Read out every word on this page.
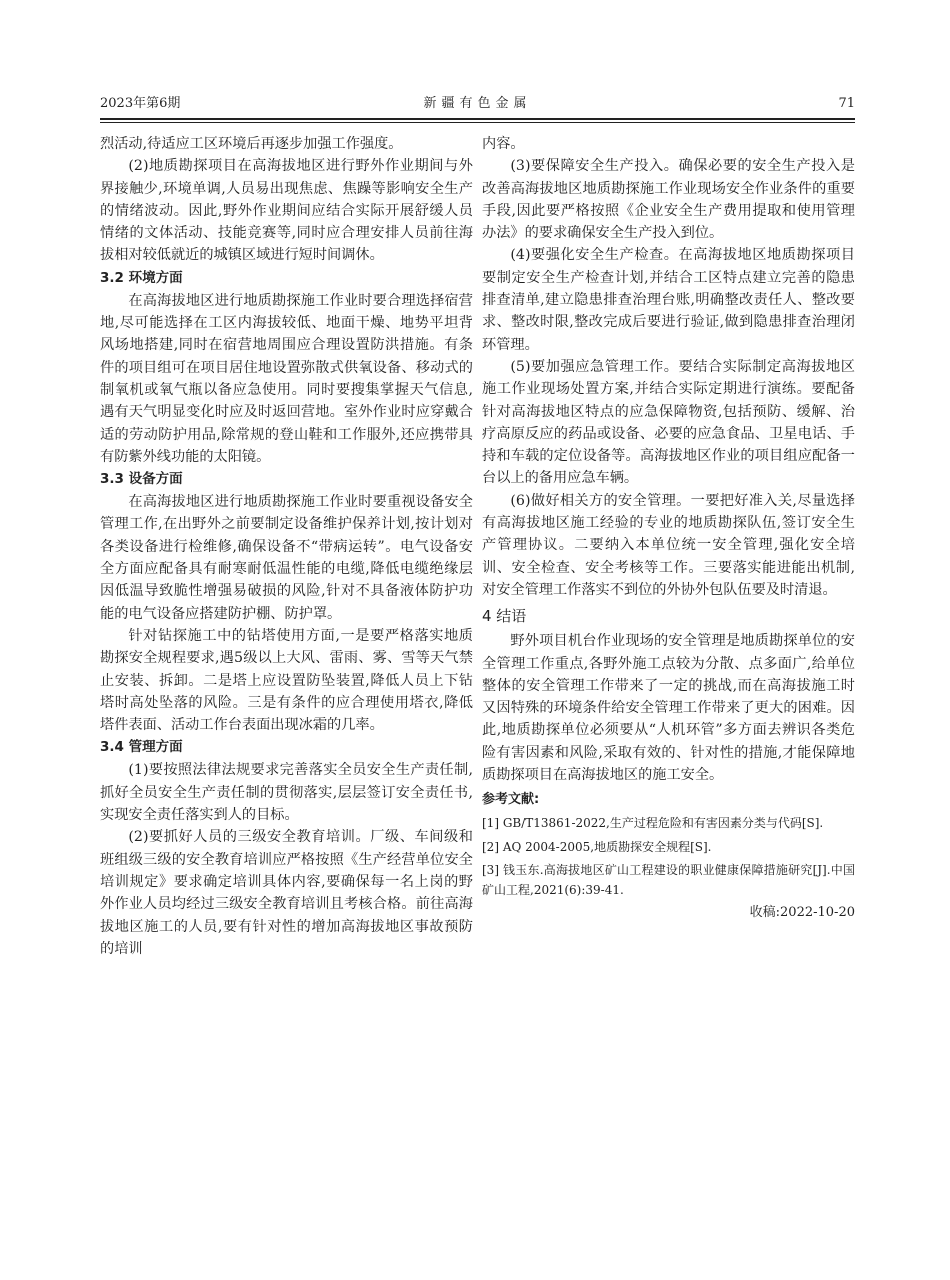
2023年第6期	新疆有色金属	71

烈活动,待适应工区环境后再逐步加强工作强度。

(2)地质勘探项目在高海拔地区进行野外作业期间与外界接触少,环境单调,人员易出现焦虑、焦躁等影响安全生产的情绪波动。因此,野外作业期间应结合实际开展舒缓人员情绪的文体活动、技能竞赛等,同时应合理安排人员前往海拔相对较低就近的城镇区域进行短时间调休。

3.2 环境方面

在高海拔地区进行地质勘探施工作业时要合理选择宿营地,尽可能选择在工区内海拔较低、地面干燥、地势平坦背风场地搭建,同时在宿营地周围应合理设置防洪措施。有条件的项目组可在项目居住地设置弥散式供氧设备、移动式的制氧机或氧气瓶以备应急使用。同时要搜集掌握天气信息,遇有天气明显变化时应及时返回营地。室外作业时应穿戴合适的劳动防护用品,除常规的登山鞋和工作服外,还应携带具有防紫外线功能的太阳镜。

3.3 设备方面

在高海拔地区进行地质勘探施工作业时要重视设备安全管理工作,在出野外之前要制定设备维护保养计划,按计划对各类设备进行检维修,确保设备不“带病运转”。电气设备安全方面应配备具有耐寒耐低温性能的电缆,降低电缆绝缘层因低温导致脆性增强易破损的风险,针对不具备液体防护功能的电气设备应搭建防护棚、防护罩。

针对钻探施工中的钻塔使用方面,一是要严格落实地质勘探安全规程要求,遇5级以上大风、雷雨、雾、雪等天气禁止安装、拆卸。二是塔上应设置防坠装置,降低人员上下钻塔时高处坠落的风险。三是有条件的应合理使用塔衣,降低塔件表面、活动工作台表面出现冰霜的几率。

3.4 管理方面

(1)要按照法律法规要求完善落实全员安全生产责任制,抓好全员安全生产责任制的贯彻落实,层层签订安全责任书,实现安全责任落实到人的目标。

(2)要抓好人员的三级安全教育培训。厂级、车间级和班组级三级的安全教育培训应严格按照《生产经营单位安全培训规定》要求确定培训具体内容,要确保每一名上岗的野外作业人员均经过三级安全教育培训且考核合格。前往高海拔地区施工的人员,要有针对性的增加高海拔地区事故预防的培训

内容。

(3)要保障安全生产投入。确保必要的安全生产投入是改善高海拔地区地质勘探施工作业现场安全作业条件的重要手段,因此要严格按照《企业安全生产费用提取和使用管理办法》的要求确保安全生产投入到位。

(4)要强化安全生产检查。在高海拔地区地质勘探项目要制定安全生产检查计划,并结合工区特点建立完善的隐患排查清单,建立隐患排查治理台账,明确整改责任人、整改要求、整改时限,整改完成后要进行验证,做到隐患排查治理闭环管理。

(5)要加强应急管理工作。要结合实际制定高海拔地区施工作业现场处置方案,并结合实际定期进行演练。要配备针对高海拔地区特点的应急保障物资,包括预防、缓解、治疗高原反应的药品或设备、必要的应急食品、卫星电话、手持和车载的定位设备等。高海拔地区作业的项目组应配备一台以上的备用应急车辆。

(6)做好相关方的安全管理。一要把好准入关,尽量选择有高海拔地区施工经验的专业的地质勘探队伍,签订安全生产管理协议。二要纳入本单位统一安全管理,强化安全培训、安全检查、安全考核等工作。三要落实能进能出机制,对安全管理工作落实不到位的外协外包队伍要及时清退。

4 结语

野外项目机台作业现场的安全管理是地质勘探单位的安全管理工作重点,各野外施工点较为分散、点多面广,给单位整体的安全管理工作带来了一定的挑战,而在高海拔施工时又因特殊的环境条件给安全管理工作带来了更大的困难。因此,地质勘探单位必须要从“人机环管”多方面去辨识各类危险有害因素和风险,采取有效的、针对性的措施,才能保障地质勘探项目在高海拔地区的施工安全。

参考文献:
[1] GB/T13861-2022,生产过程危险和有害因素分类与代码[S].
[2] AQ 2004-2005,地质勘探安全规程[S].
[3] 钱玉东.高海拔地区矿山工程建设的职业健康保障措施研究[J].中国矿山工程,2021(6):39-41.
收稿:2022-10-20
